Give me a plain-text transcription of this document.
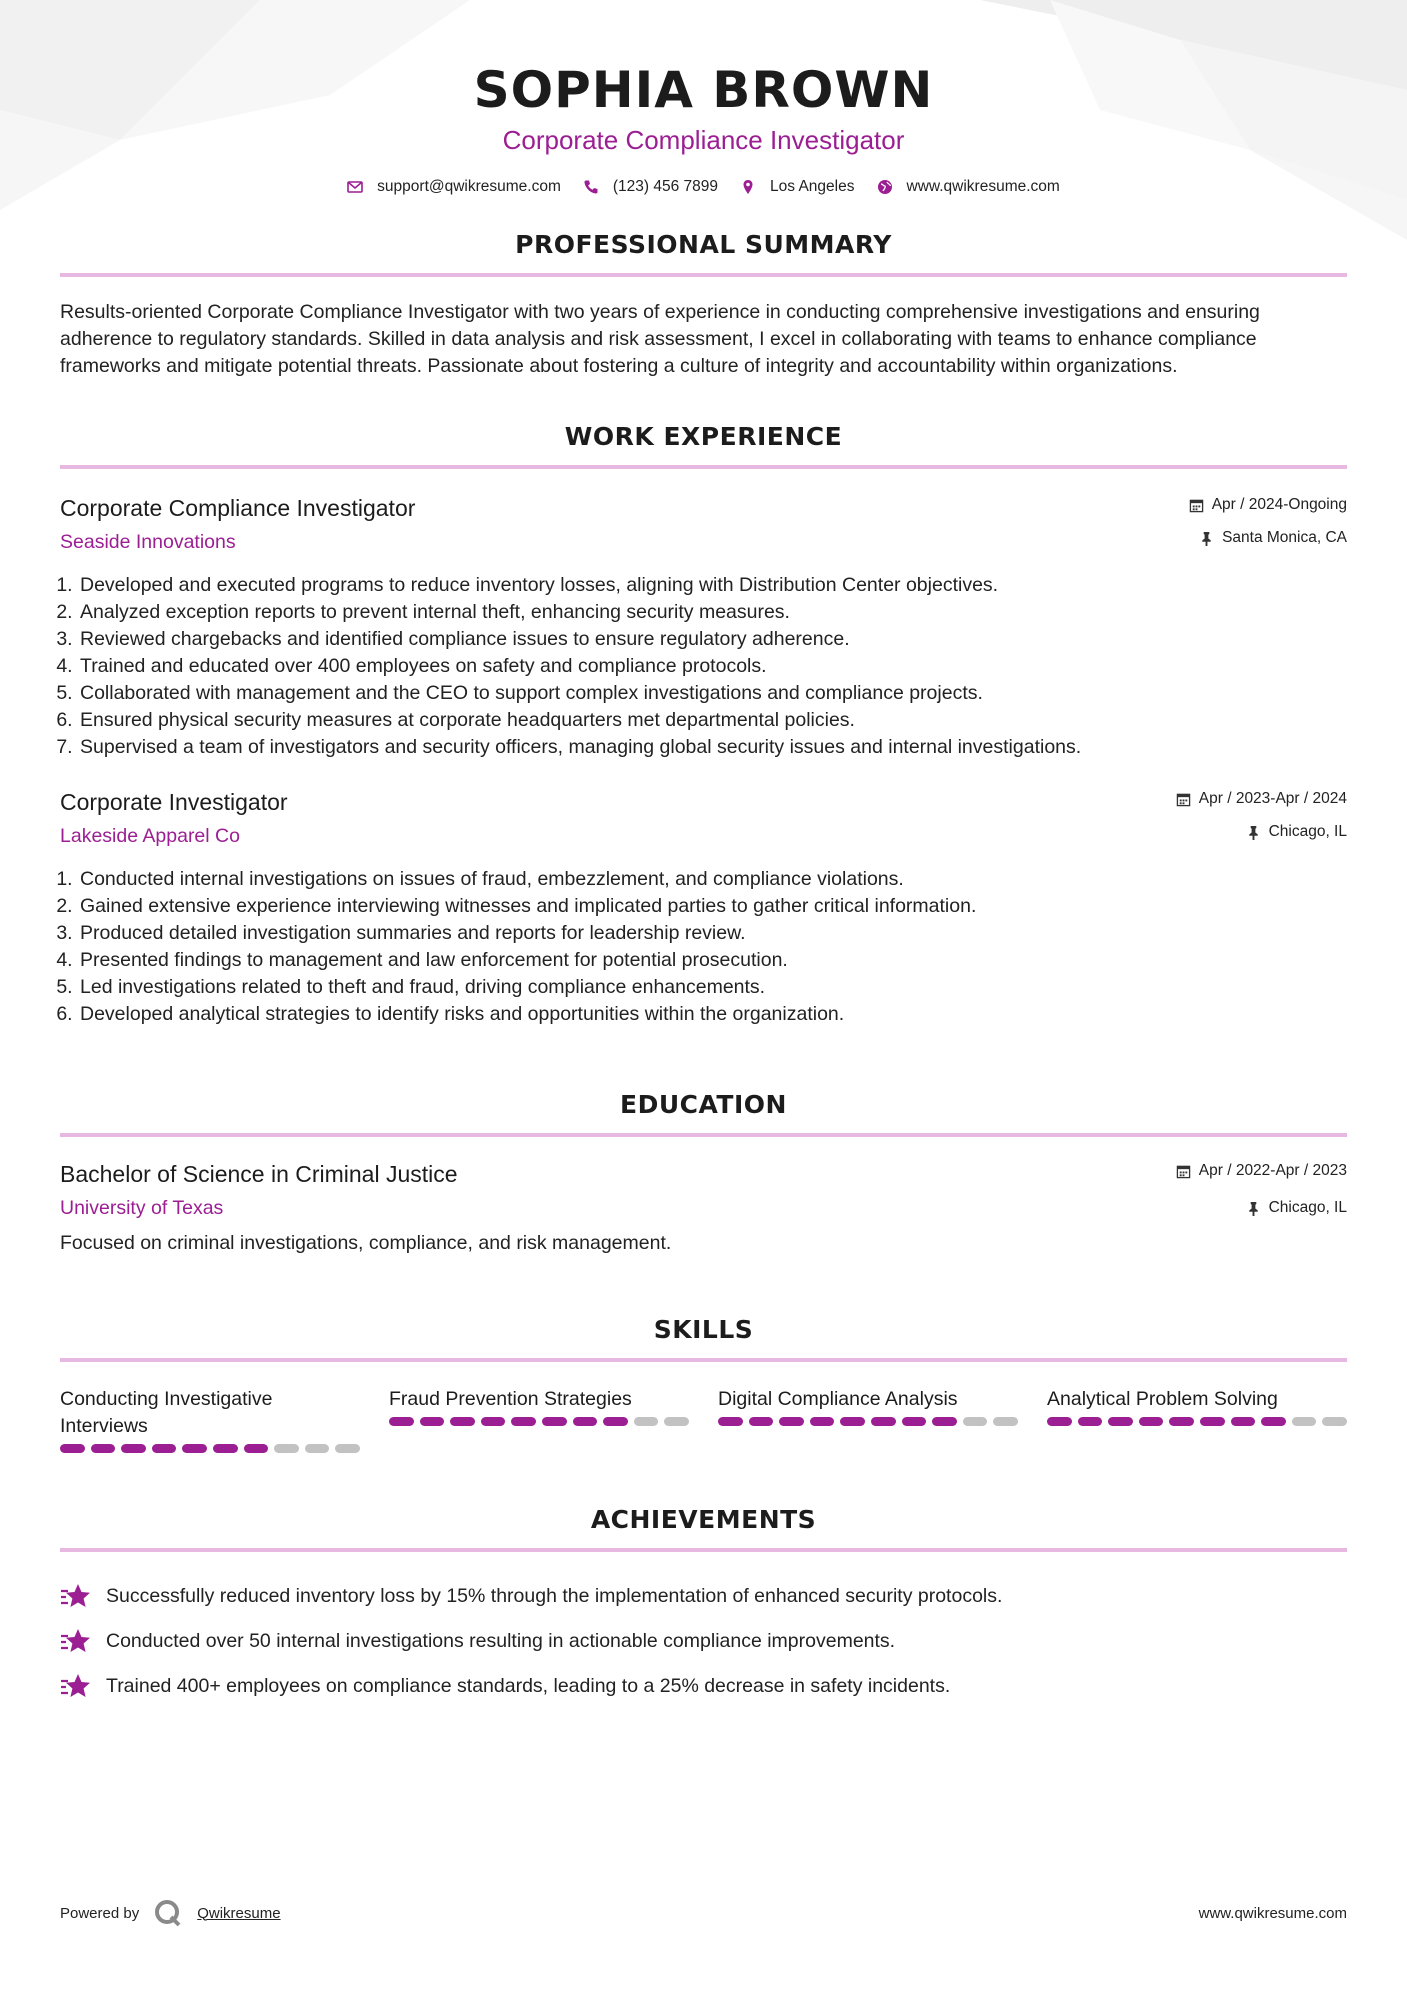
SOPHIA BROWN
Corporate Compliance Investigator
support@qwikresume.com	(123) 456 7899	Los Angeles	www.qwikresume.com
PROFESSIONAL SUMMARY
Results-oriented Corporate Compliance Investigator with two years of experience in conducting comprehensive investigations and ensuring adherence to regulatory standards. Skilled in data analysis and risk assessment, I excel in collaborating with teams to enhance compliance frameworks and mitigate potential threats. Passionate about fostering a culture of integrity and accountability within organizations.
WORK EXPERIENCE
Corporate Compliance Investigator
Seaside Innovations
Apr / 2024-Ongoing
Santa Monica, CA
1. Developed and executed programs to reduce inventory losses, aligning with Distribution Center objectives.
2. Analyzed exception reports to prevent internal theft, enhancing security measures.
3. Reviewed chargebacks and identified compliance issues to ensure regulatory adherence.
4. Trained and educated over 400 employees on safety and compliance protocols.
5. Collaborated with management and the CEO to support complex investigations and compliance projects.
6. Ensured physical security measures at corporate headquarters met departmental policies.
7. Supervised a team of investigators and security officers, managing global security issues and internal investigations.
Corporate Investigator
Lakeside Apparel Co
Apr / 2023-Apr / 2024
Chicago, IL
1. Conducted internal investigations on issues of fraud, embezzlement, and compliance violations.
2. Gained extensive experience interviewing witnesses and implicated parties to gather critical information.
3. Produced detailed investigation summaries and reports for leadership review.
4. Presented findings to management and law enforcement for potential prosecution.
5. Led investigations related to theft and fraud, driving compliance enhancements.
6. Developed analytical strategies to identify risks and opportunities within the organization.
EDUCATION
Bachelor of Science in Criminal Justice
University of Texas
Apr / 2022-Apr / 2023
Chicago, IL
Focused on criminal investigations, compliance, and risk management.
SKILLS
Conducting Investigative Interviews
Fraud Prevention Strategies	Digital Compliance Analysis	Analytical Problem Solving
ACHIEVEMENTS
Successfully reduced inventory loss by 15% through the implementation of enhanced security protocols.
Conducted over 50 internal investigations resulting in actionable compliance improvements.
Trained 400+ employees on compliance standards, leading to a 25% decrease in safety incidents.
Powered by	Qwikresume	www.qwikresume.com
